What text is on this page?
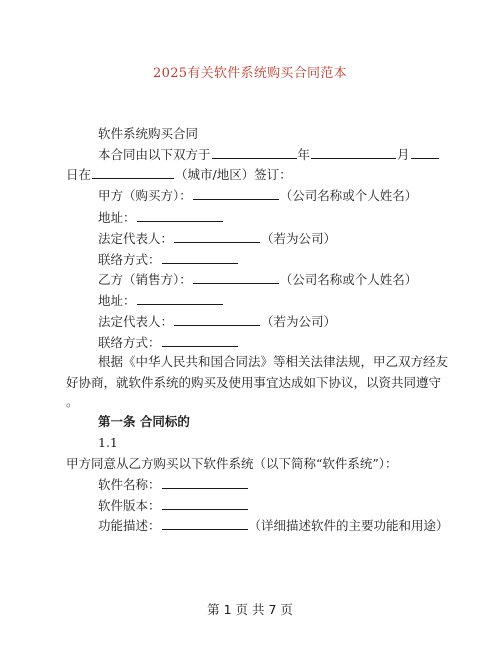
2025有关软件系统购买合同范本
软件系统购买合同
本合同由以下双方于	年	月
日在	（城市/地区）签订：
甲方（购买方）：	（公司名称或个人姓名）
地址：
法定代表人：	（若为公司）
联络方式：
乙方（销售方）：	（公司名称或个人姓名）
地址：
法定代表人：	（若为公司）
联络方式：
根据《中华人民共和国合同法》等相关法律法规，甲乙双方经友
好协商，就软件系统的购买及使用事宜达成如下协议，以资共同遵守
。
第一条 合同标的
1.1
甲方同意从乙方购买以下软件系统（以下简称“软件系统”）：
软件名称：
软件版本：
功能描述：	（详细描述软件的主要功能和用途）
第 1 页 共 7 页
